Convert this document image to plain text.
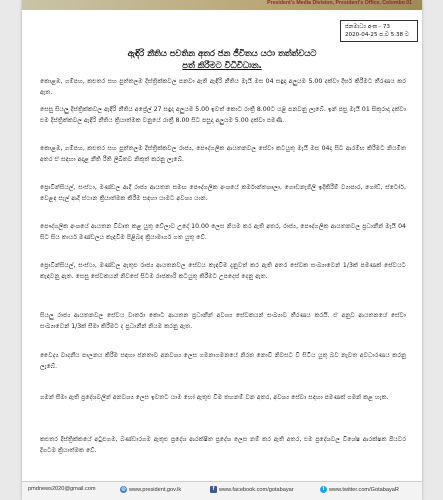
President's Media Division, President's Office, Colombo 01
ජනමාධ්‍ය අංක - 73
2020-04-25 ප.ව 5.38 ට
ඇඳිරි නීතිය පවතින අතර ජන ජීවිතය යථා තත්ත්වයට
පත් කිරීමට විධිවිධාන.
කොළඹ, ගම්පහ, කළුතර සහ පුත්තලම දිස්ත්‍රික්කවල පනවා ඇති ඇඳිරි නීතිය මැයි මස 04 සඳුදා අලුයම 5.00 දක්වා දීර්ඝ කිරීමට තීරණය කර ඇත.
සෙසු සියලු දිස්ත්‍රික්කවල ඇඳිරි නීතිය අප්‍රේල් 27 සඳුදා අලුයම 5.00 ඉවත් කොට රාත්‍රී 8.00ට යළි පනවනු ලැබේ. ඉන් පසු මැයි 01 සිකුරාදා දක්වා එම දිස්ත්‍රික්කවල ඇඳිරි නීතිය ක්‍රියාත්මක වනුයේ රාත්‍රී 8.00 සිට පසුදා අලුයම 5.00 දක්වා පමණි.
කොළඹ, ගම්පහ, කළුතර සහ පුත්තලම දිස්ත්‍රික්කවල රාජ්‍ය, පෞද්ගලික ආයතනවල සේවා කටයුතු මැයි මස 04දා සිට ආරම්භ කිරීමට නියමිත අතර ඒ සඳහා අදාළ නීති රීති ලිඛිතව නිකුත් කරනු ලැබේ.
ප්‍රොවින්සියල්, සංස්ථා, මණ්ඩල ආදී රාජ්‍ය ආයතන සමඟ පෞද්ගලික අංශයේ කර්මාන්තශාලා, ගොඩනැගිලි ඉදිකිරීම් ව්‍යාපාර, ගෝඩ්, ස්ටෝර්, වෙළඳ සැල් ආදී ස්ථාන ක්‍රියාත්මක කිරීම සඳහා යාමට අවශ්‍ය යාන.
පෞද්ගලික අංශයේ ආයතන විවෘත කළ යුතු වේලාව උදේ 10.00 ලෙස නියම කර ඇති අතර, රාජ්‍ය, පෞද්ගලික ආයතනවල ප්‍රධානීන් මැයි 04 සිට සිය කාර්ය මණ්ඩලය කැඳවීම පිළිබඳ ක්‍රියාමාර්ග ගත යුතු වේ.
ප්‍රොවින්සියල්, සංස්ථා, මණ්ඩල ඇතුළු රාජ්‍ය ආයතනවල සේවය කැඳවීම දැනුවත් කර ඇති අතර සේවක සංඛ්‍යාවෙන් 1/3ක් පමණක් සේවයට කැඳවනු ඇත. සෙසු සේවකයන් නිවසේ සිටම රාජකාරි කටයුතු කිරීමට උපදෙස් දෙනු ඇත.
සියලු රාජ්‍ය ආයතනවල සේවය වාර්තා කොට ආයතන ප්‍රධානීන් අවශ්‍ය සේවකයන් සංඛ්‍යාව තීරණය කරයි. ඒ අනුව ආයතනයේ සේවා සංඛ්‍යාවෙන් 1/3ක් සීමා කිරීමට ද ප්‍රධානීන් නියම කරනු ඇත.
වෛද්‍ය වාදනීය පාලනය කිරීම සඳහා ජනතාව අනවශ්‍ය ලෙස ගමනාගමනයේ නිරත නොවී නිවසට වී සිටිය යුතු බව නැවත අවධාරණය කරනු ලැබේ.
ගමන් සීමා ඇති ප්‍රදේශවලින් අනවශ්‍ය ලෙස ඉවතට යාම හෝ ඇතුළු වීම තහනම් වන අතර, අවශ්‍ය සේවා සඳහා පමණක් ගමන් කළ හැක.
කළුතර දිස්ත්‍රික්කයේ අටුළුගම, බණ්ඩාරගම ඇතුළු ප්‍රදේශ ආරක්ෂිත ප්‍රදේශ ලෙස නම් කර ඇති අතර, එම ප්‍රදේශවල විශේෂ ආරක්ෂක පියවර දිගටම ක්‍රියාත්මක වේ.
pmdnews2020@gmail.com	◎ www.president.gov.lk	f www.facebook.com/gotabayar	t www.twitter.com/GotabayaR
